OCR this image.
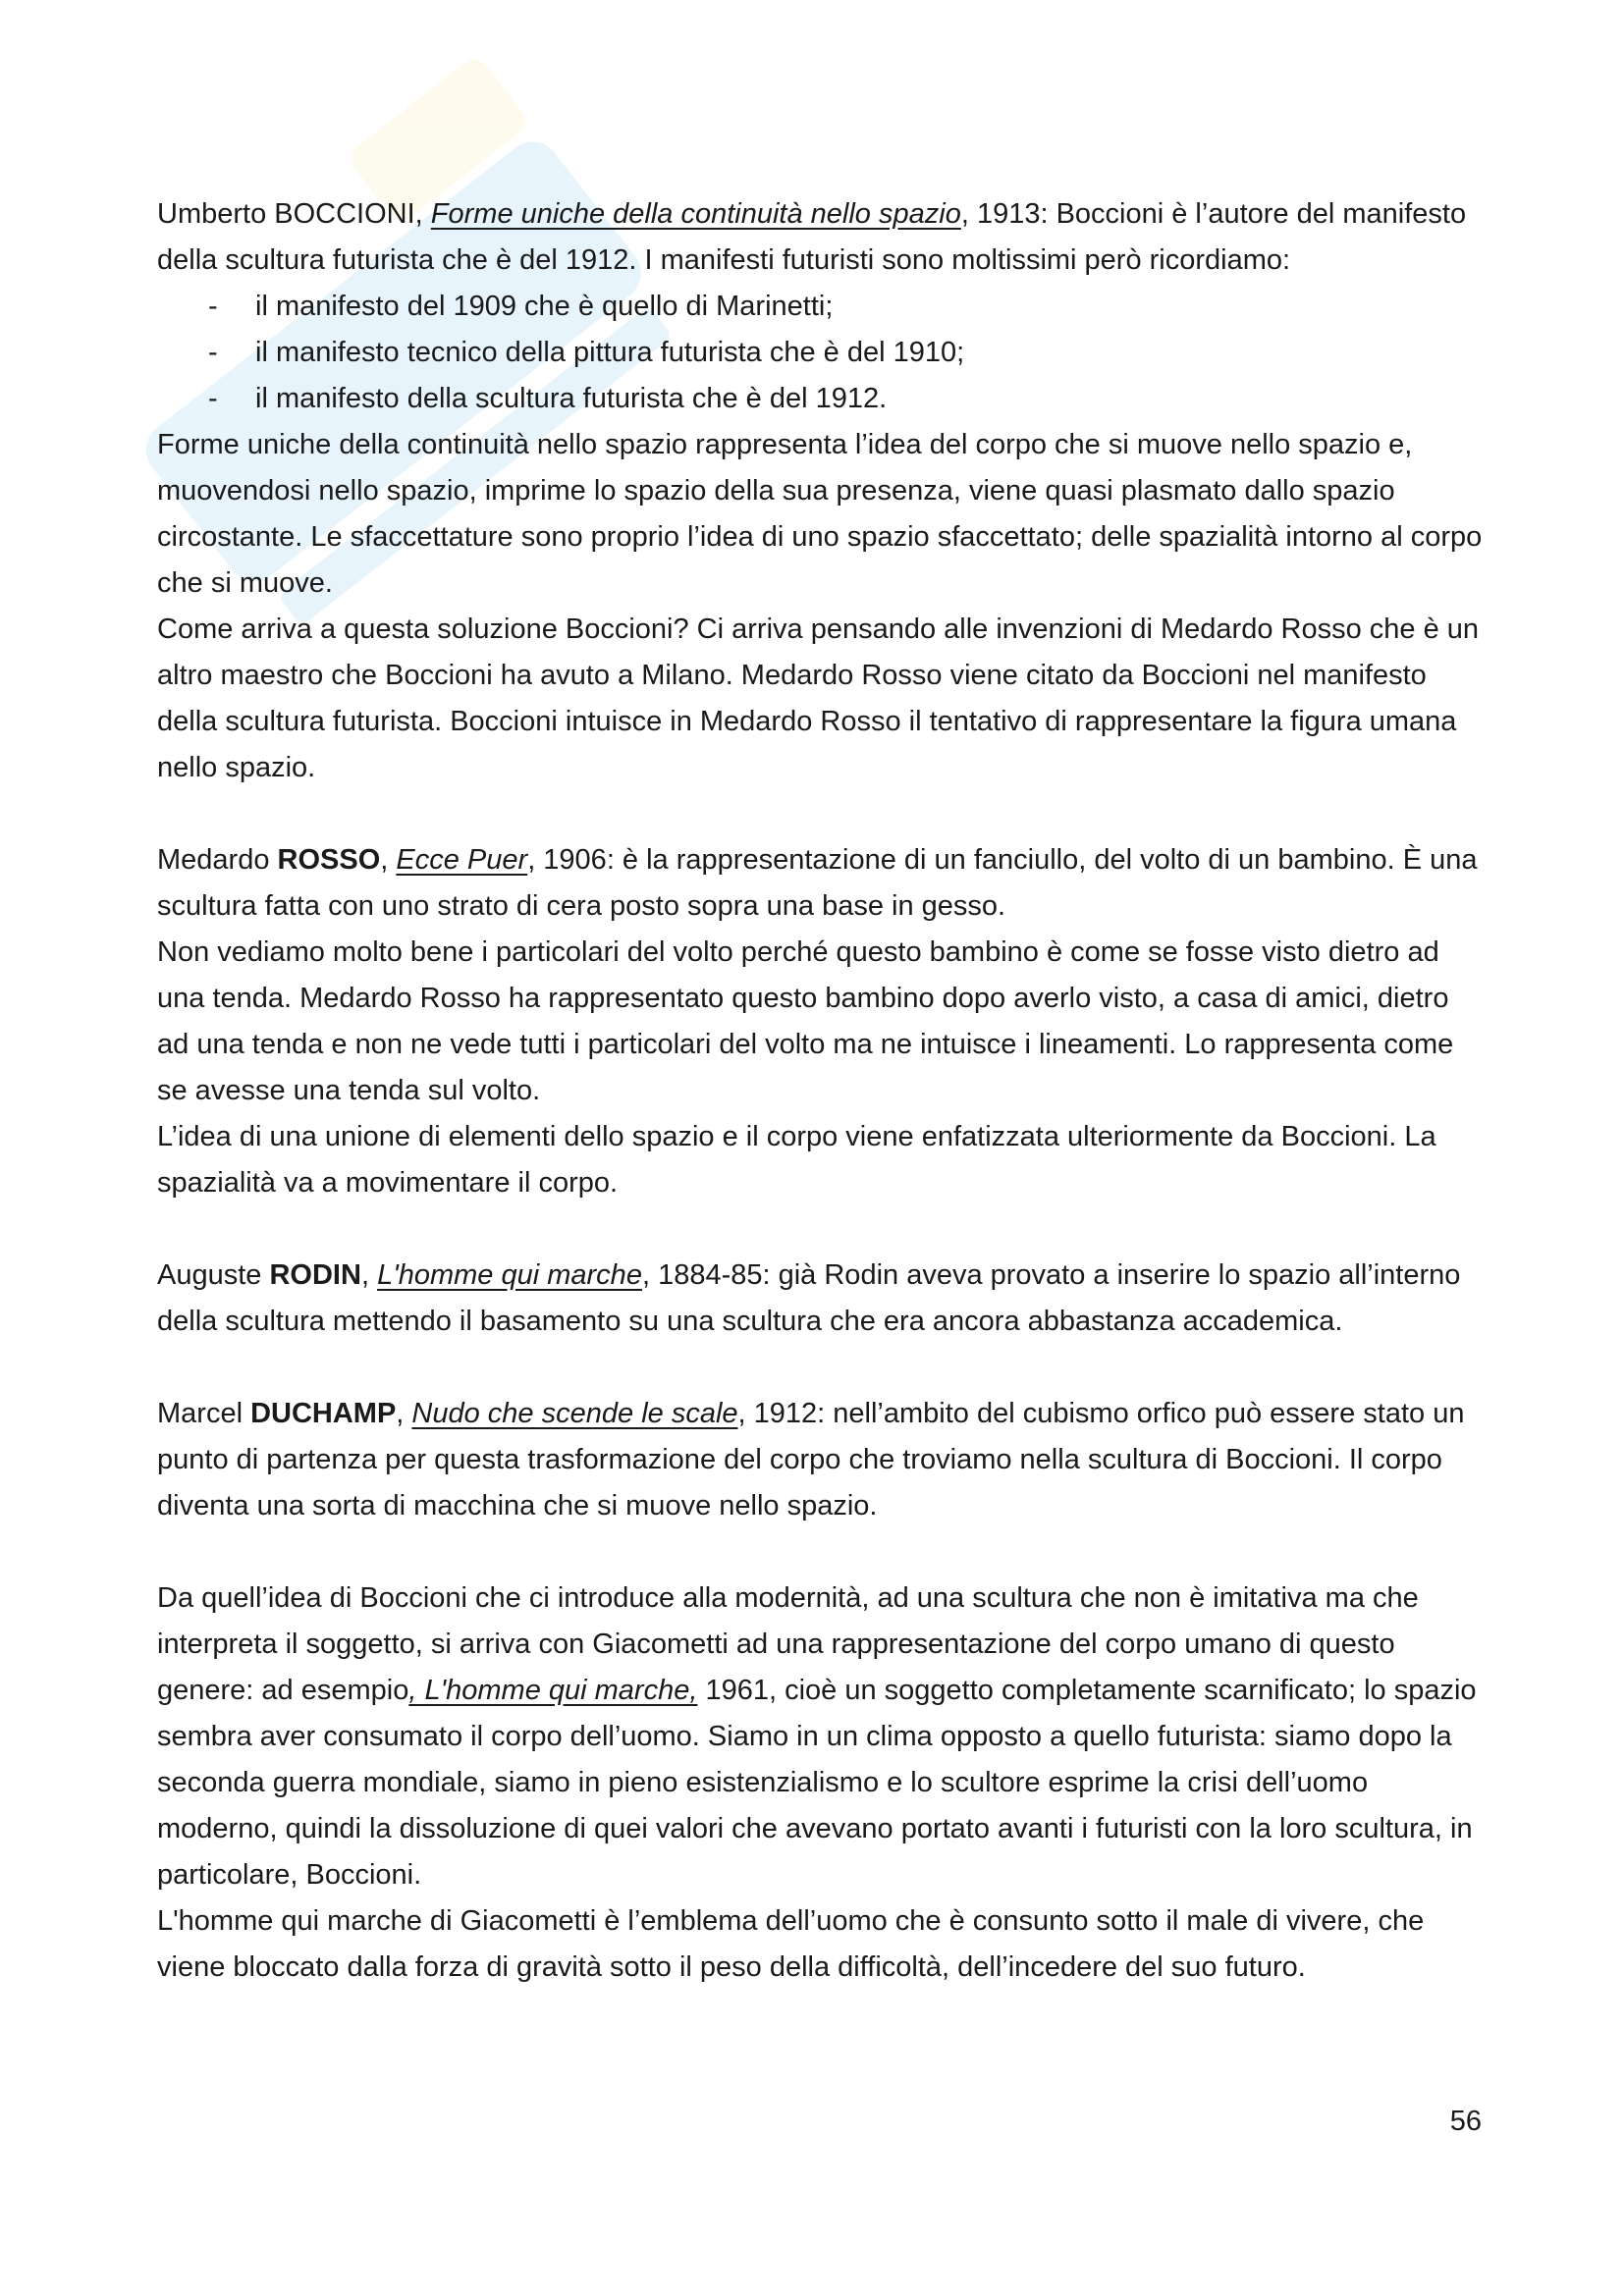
Umberto BOCCIONI, Forme uniche della continuità nello spazio, 1913: Boccioni è l’autore del manifesto della scultura futurista che è del 1912. I manifesti futuristi sono moltissimi però ricordiamo:

- il manifesto del 1909 che è quello di Marinetti;
- il manifesto tecnico della pittura futurista che è del 1910;
- il manifesto della scultura futurista che è del 1912.

Forme uniche della continuità nello spazio rappresenta l’idea del corpo che si muove nello spazio e, muovendosi nello spazio, imprime lo spazio della sua presenza, viene quasi plasmato dallo spazio circostante. Le sfaccettature sono proprio l’idea di uno spazio sfaccettato; delle spazialità intorno al corpo che si muove.

Come arriva a questa soluzione Boccioni? Ci arriva pensando alle invenzioni di Medardo Rosso che è un altro maestro che Boccioni ha avuto a Milano. Medardo Rosso viene citato da Boccioni nel manifesto della scultura futurista. Boccioni intuisce in Medardo Rosso il tentativo di rappresentare la figura umana nello spazio.

Medardo ROSSO, Ecce Puer, 1906: è la rappresentazione di un fanciullo, del volto di un bambino. È una scultura fatta con uno strato di cera posto sopra una base in gesso.

Non vediamo molto bene i particolari del volto perché questo bambino è come se fosse visto dietro ad una tenda. Medardo Rosso ha rappresentato questo bambino dopo averlo visto, a casa di amici, dietro ad una tenda e non ne vede tutti i particolari del volto ma ne intuisce i lineamenti. Lo rappresenta come se avesse una tenda sul volto.

L’idea di una unione di elementi dello spazio e il corpo viene enfatizzata ulteriormente da Boccioni. La spazialità va a movimentare il corpo.

Auguste RODIN, L'homme qui marche, 1884-85: già Rodin aveva provato a inserire lo spazio all’interno della scultura mettendo il basamento su una scultura che era ancora abbastanza accademica.

Marcel DUCHAMP, Nudo che scende le scale, 1912: nell’ambito del cubismo orfico può essere stato un punto di partenza per questa trasformazione del corpo che troviamo nella scultura di Boccioni. Il corpo diventa una sorta di macchina che si muove nello spazio.

Da quell’idea di Boccioni che ci introduce alla modernità, ad una scultura che non è imitativa ma che interpreta il soggetto, si arriva con Giacometti ad una rappresentazione del corpo umano di questo genere: ad esempio, L'homme qui marche, 1961, cioè un soggetto completamente scarnificato; lo spazio sembra aver consumato il corpo dell’uomo. Siamo in un clima opposto a quello futurista: siamo dopo la seconda guerra mondiale, siamo in pieno esistenzialismo e lo scultore esprime la crisi dell’uomo moderno, quindi la dissoluzione di quei valori che avevano portato avanti i futuristi con la loro scultura, in particolare, Boccioni.

L'homme qui marche di Giacometti è l’emblema dell’uomo che è consunto sotto il male di vivere, che viene bloccato dalla forza di gravità sotto il peso della difficoltà, dell’incedere del suo futuro.

56
